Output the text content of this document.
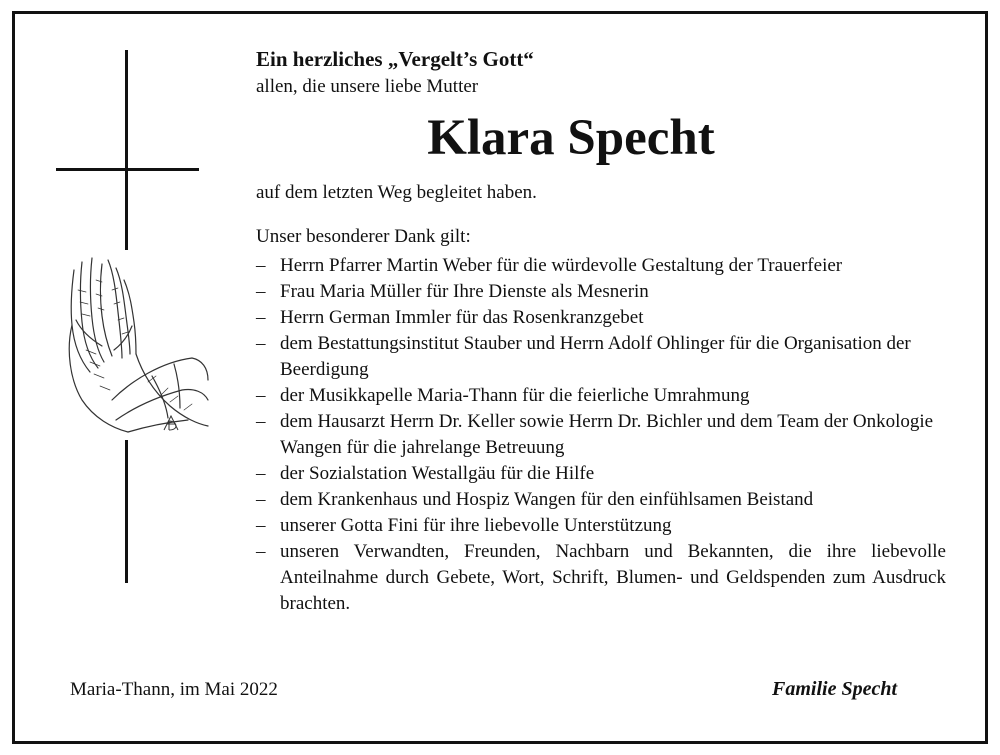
Ein herzliches „Vergelt’s Gott“
allen, die unsere liebe Mutter
Klara Specht
auf dem letzten Weg begleitet haben.
Unser besonderer Dank gilt:
– Herrn Pfarrer Martin Weber für die würdevolle Gestaltung der Trauerfeier
– Frau Maria Müller für Ihre Dienste als Mesnerin
– Herrn German Immler für das Rosenkranzgebet
– dem Bestattungsinstitut Stauber und Herrn Adolf Ohlinger für die Organisation der Beerdigung
– der Musikkapelle Maria-Thann für die feierliche Umrahmung
– dem Hausarzt Herrn Dr. Keller sowie Herrn Dr. Bichler und dem Team der Onkologie Wangen für die jahrelange Betreuung
– der Sozialstation Westallgäu für die Hilfe
– dem Krankenhaus und Hospiz Wangen für den einfühlsamen Beistand
– unserer Gotta Fini für ihre liebevolle Unterstützung
– unseren Verwandten, Freunden, Nachbarn und Bekannten, die ihre liebevolle Anteilnahme durch Gebete, Wort, Schrift, Blumen- und Geldspenden zum Ausdruck brachten.
Maria-Thann, im Mai 2022	Familie Specht
